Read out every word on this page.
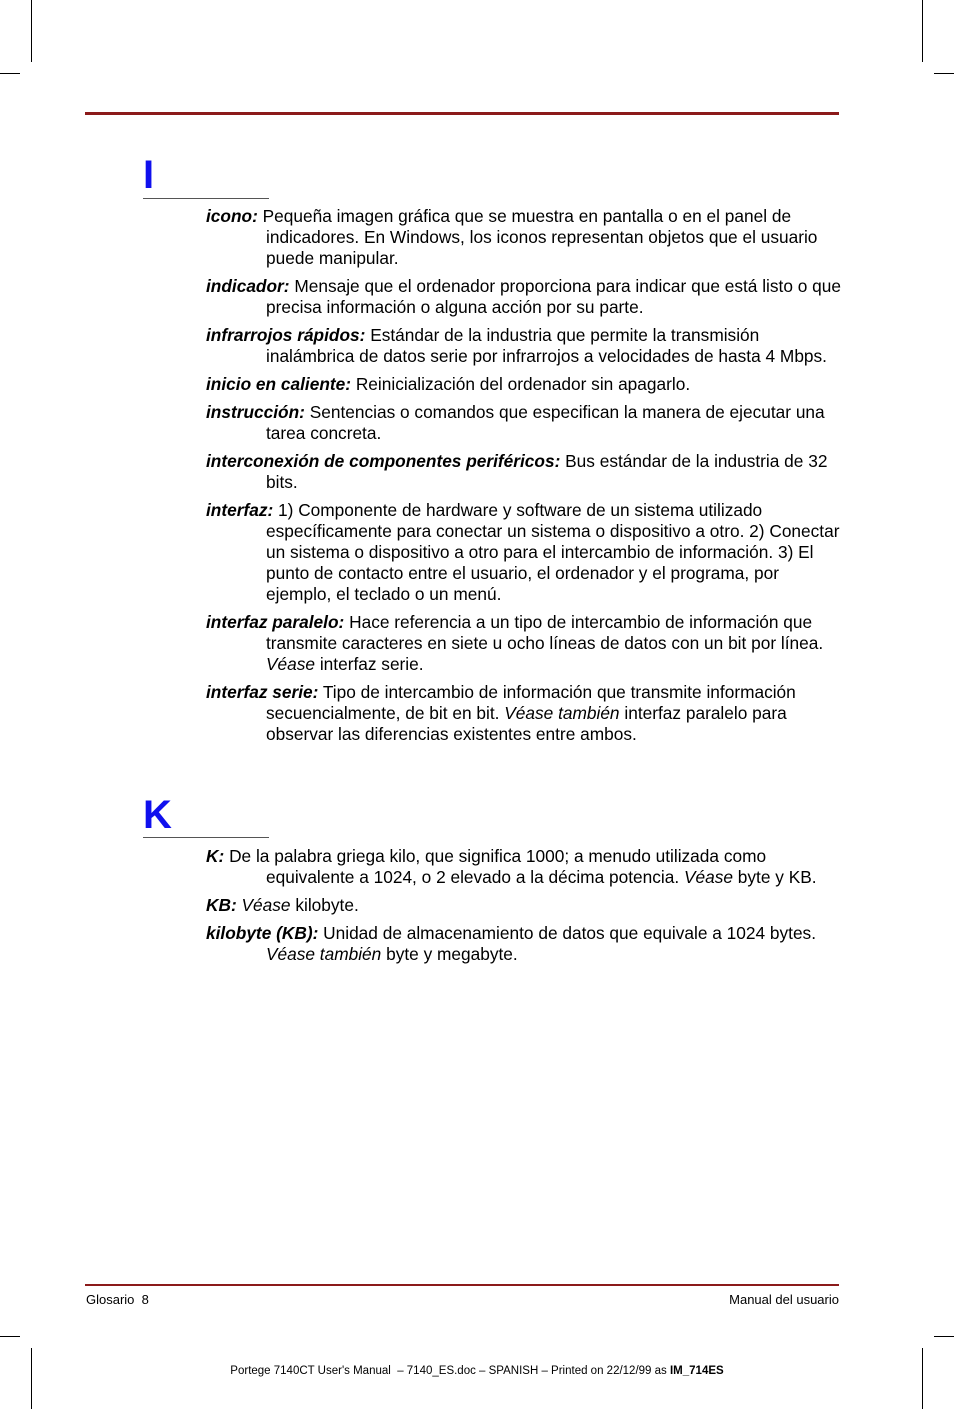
I

icono: Pequeña imagen gráfica que se muestra en pantalla o en el panel de indicadores. En Windows, los iconos representan objetos que el usuario puede manipular.

indicador: Mensaje que el ordenador proporciona para indicar que está listo o que precisa información o alguna acción por su parte.

infrarrojos rápidos: Estándar de la industria que permite la transmisión inalámbrica de datos serie por infrarrojos a velocidades de hasta 4 Mbps.

inicio en caliente: Reinicialización del ordenador sin apagarlo.

instrucción: Sentencias o comandos que especifican la manera de ejecutar una tarea concreta.

interconexión de componentes periféricos: Bus estándar de la industria de 32 bits.

interfaz: 1) Componente de hardware y software de un sistema utilizado específicamente para conectar un sistema o dispositivo a otro. 2) Conectar un sistema o dispositivo a otro para el intercambio de información. 3) El punto de contacto entre el usuario, el ordenador y el programa, por ejemplo, el teclado o un menú.

interfaz paralelo: Hace referencia a un tipo de intercambio de información que transmite caracteres en siete u ocho líneas de datos con un bit por línea. Véase interfaz serie.

interfaz serie: Tipo de intercambio de información que transmite información secuencialmente, de bit en bit. Véase también interfaz paralelo para observar las diferencias existentes entre ambos.

K

K: De la palabra griega kilo, que significa 1000; a menudo utilizada como equivalente a 1024, o 2 elevado a la décima potencia. Véase byte y KB.

KB: Véase kilobyte.

kilobyte (KB): Unidad de almacenamiento de datos que equivale a 1024 bytes. Véase también byte y megabyte.

Glosario  8	Manual del usuario
Portege 7140CT User's Manual  – 7140_ES.doc – SPANISH – Printed on 22/12/99 as IM_714ES
